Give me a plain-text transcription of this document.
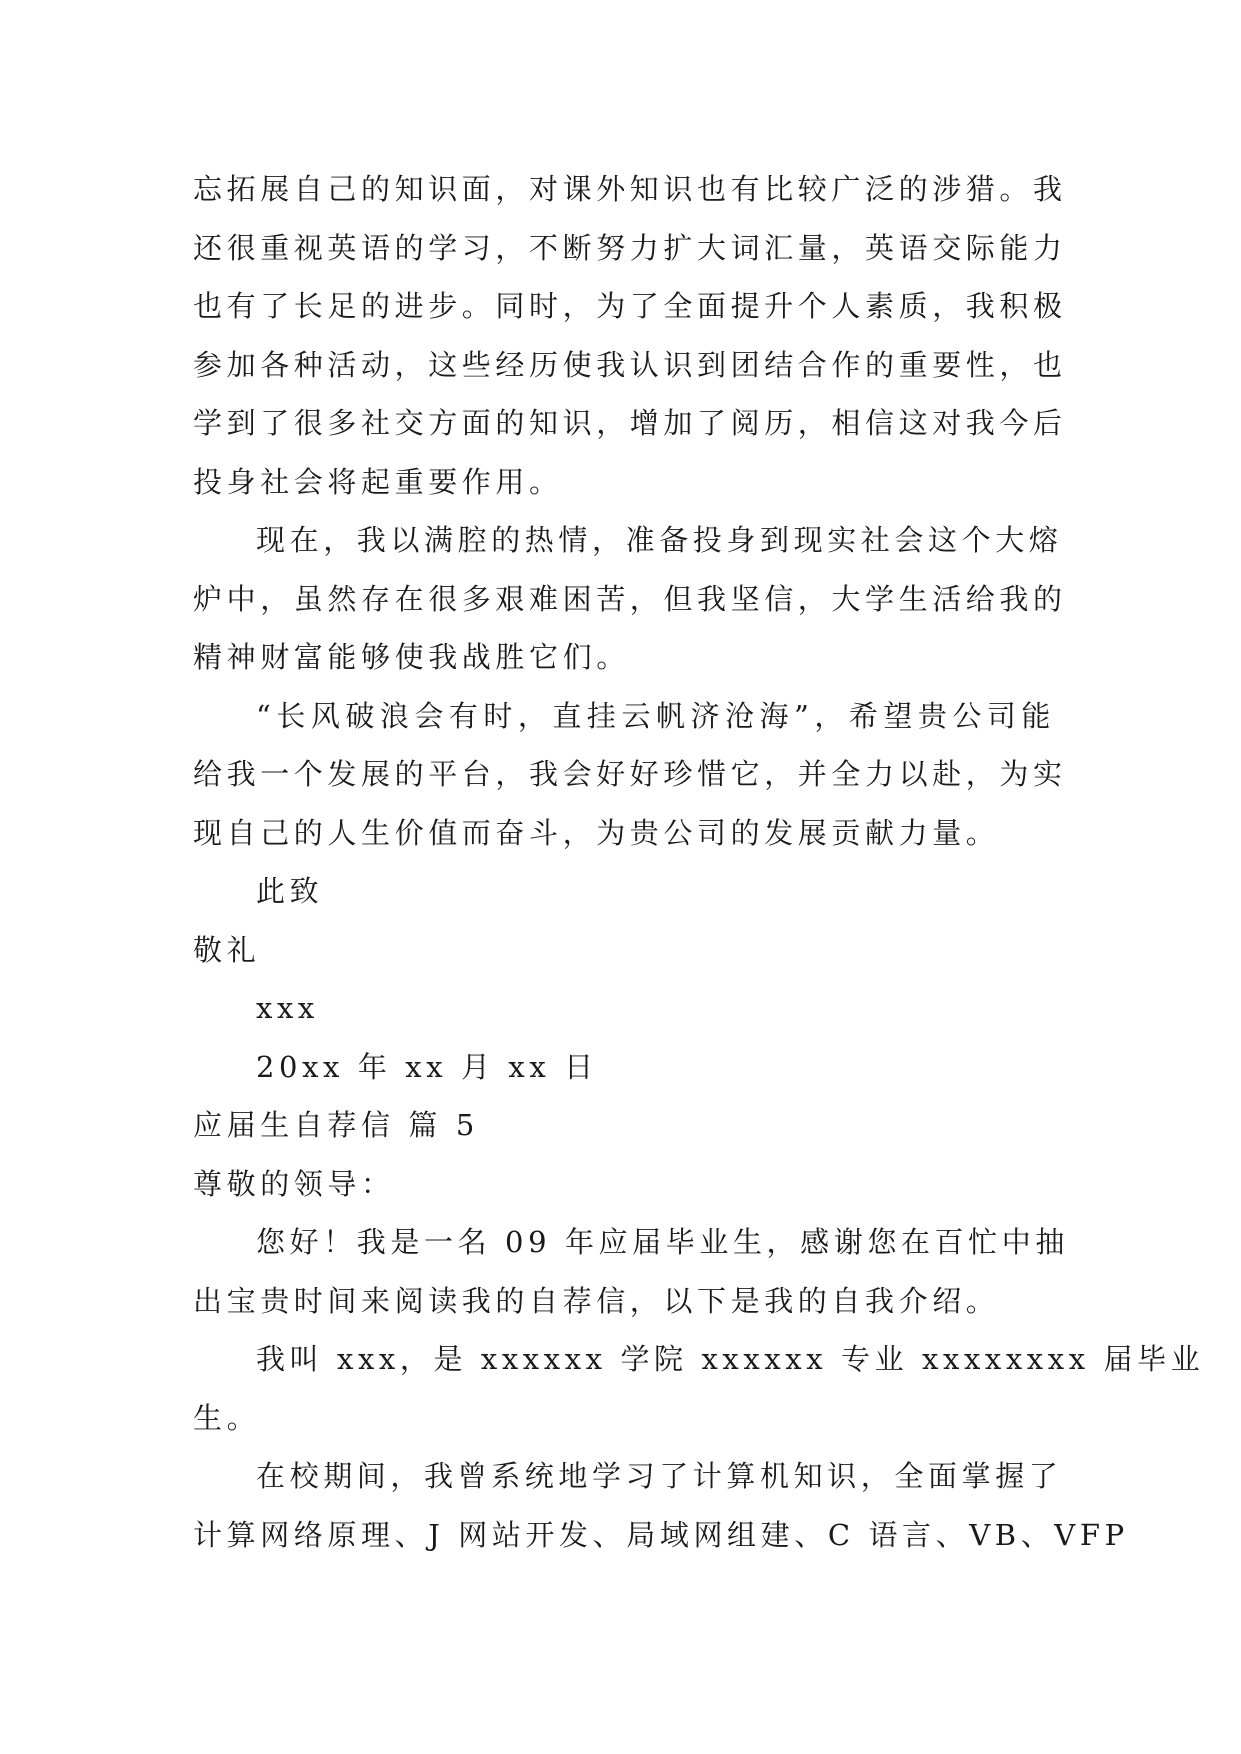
忘拓展自己的知识面，对课外知识也有比较广泛的涉猎。我

还很重视英语的学习，不断努力扩大词汇量，英语交际能力

也有了长足的进步。同时，为了全面提升个人素质，我积极

参加各种活动，这些经历使我认识到团结合作的重要性，也

学到了很多社交方面的知识，增加了阅历，相信这对我今后

投身社会将起重要作用。

现在，我以满腔的热情，准备投身到现实社会这个大熔

炉中，虽然存在很多艰难困苦，但我坚信，大学生活给我的

精神财富能够使我战胜它们。

“长风破浪会有时，直挂云帆济沧海”，希望贵公司能

给我一个发展的平台，我会好好珍惜它，并全力以赴，为实

现自己的人生价值而奋斗，为贵公司的发展贡献力量。

此致

敬礼

xxx

20xx 年 xx 月 xx 日

应届生自荐信 篇 5

尊敬的领导：

您好！我是一名 09 年应届毕业生，感谢您在百忙中抽

出宝贵时间来阅读我的自荐信，以下是我的自我介绍。

我叫 xxx，是 xxxxxx 学院 xxxxxx 专业 xxxxxxxx 届毕业

生。

在校期间，我曾系统地学习了计算机知识，全面掌握了

计算网络原理、J 网站开发、局域网组建、C 语言、VB、VFP
